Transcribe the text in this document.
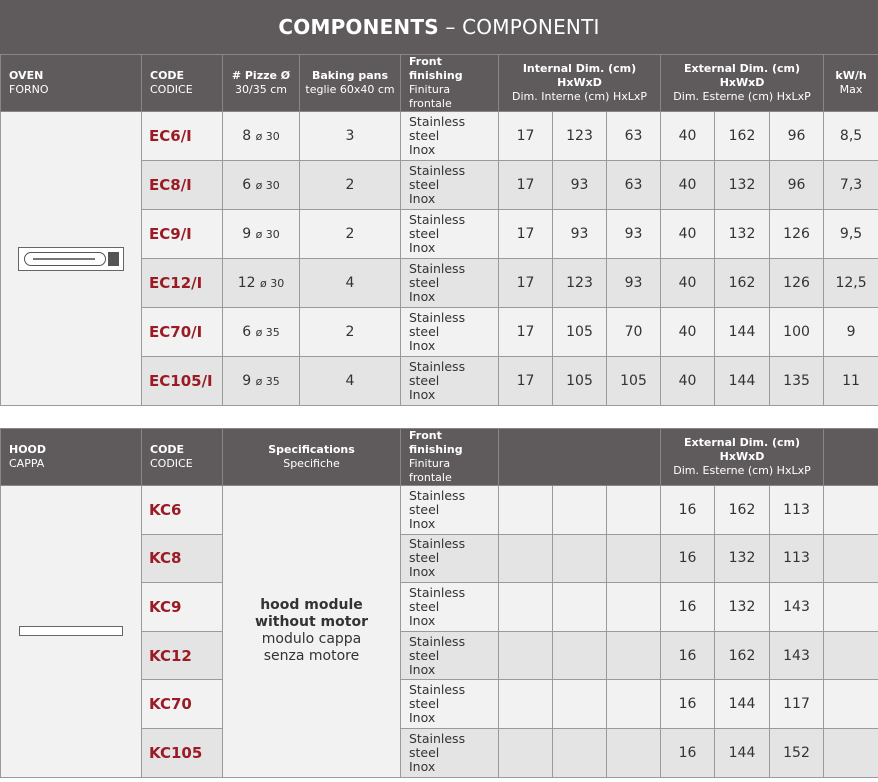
COMPONENTS – COMPONENTI
OVEN
FORNO	CODE
CODICE	# Pizze Ø
30/35 cm	Baking pans
teglie 60x40 cm	Front finishing
Finitura frontale	Internal Dim. (cm) HxWxD
Dim. Interne (cm) HxLxP			External Dim. (cm) HxWxD
Dim. Esterne (cm) HxLxP			kW/h
Max

	EC6/I	8 ø 30	3	Stainless steel
Inox	17	123	63	40	162	96	8,5
	EC8/I	6 ø 30	2	Stainless steel
Inox	17	93	63	40	132	96	7,3
	EC9/I	9 ø 30	2	Stainless steel
Inox	17	93	93	40	132	126	9,5
	EC12/I	12 ø 30	4	Stainless steel
Inox	17	123	93	40	162	126	12,5
	EC70/I	6 ø 35	2	Stainless steel
Inox	17	105	70	40	144	100	9
	EC105/I	9 ø 35	4	Stainless steel
Inox	17	105	105	40	144	135	11
HOOD
CAPPA	CODE
CODICE	Specifications
Specifiche	Front finishing
Finitura frontale				External Dim. (cm) HxWxD
Dim. Esterne (cm) HxLxP			

	KC6	hood module
without motor
modulo cappa
senza motore	Stainless steel
Inox				16	162	113	
	KC8		Stainless steel
Inox				16	132	113	
	KC9		Stainless steel
Inox				16	132	143	
	KC12		Stainless steel
Inox				16	162	143	
	KC70		Stainless steel
Inox				16	144	117	
	KC105		Stainless steel
Inox				16	144	152	
